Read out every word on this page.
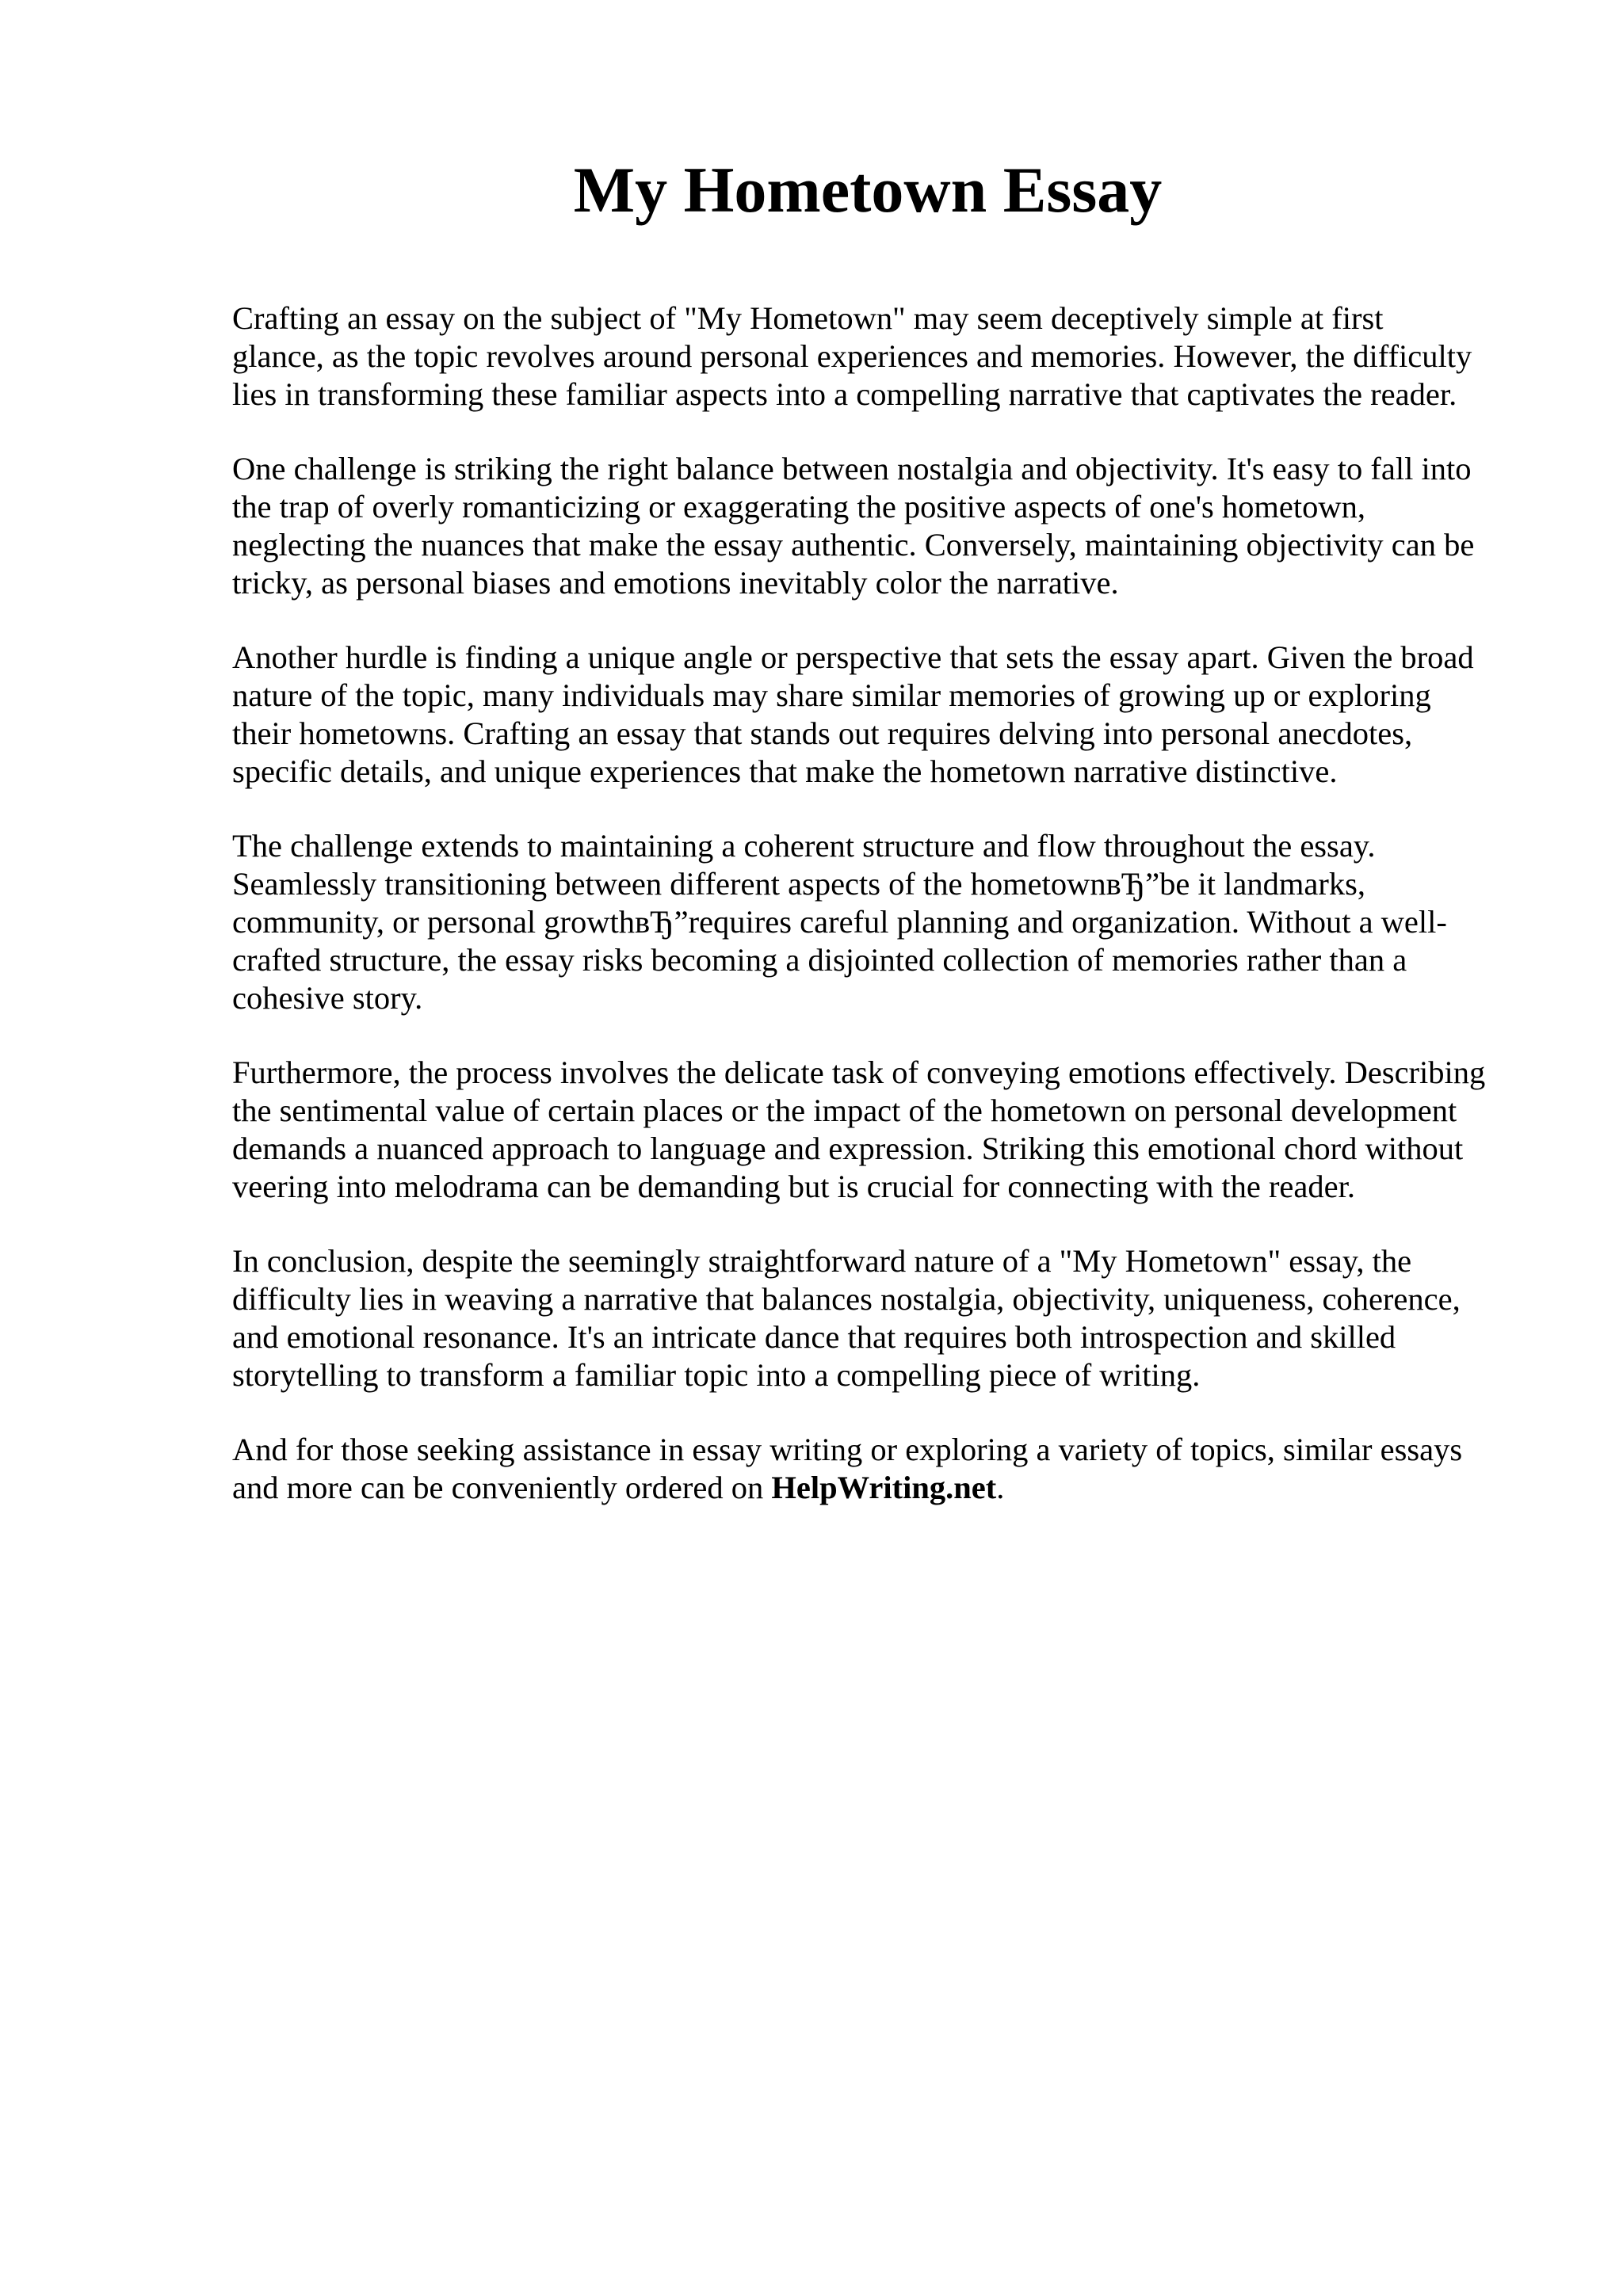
My Hometown Essay

Crafting an essay on the subject of "My Hometown" may seem deceptively simple at first
glance, as the topic revolves around personal experiences and memories. However, the difficulty
lies in transforming these familiar aspects into a compelling narrative that captivates the reader.

One challenge is striking the right balance between nostalgia and objectivity. It's easy to fall into
the trap of overly romanticizing or exaggerating the positive aspects of one's hometown,
neglecting the nuances that make the essay authentic. Conversely, maintaining objectivity can be
tricky, as personal biases and emotions inevitably color the narrative.

Another hurdle is finding a unique angle or perspective that sets the essay apart. Given the broad
nature of the topic, many individuals may share similar memories of growing up or exploring
their hometowns. Crafting an essay that stands out requires delving into personal anecdotes,
specific details, and unique experiences that make the hometown narrative distinctive.

The challenge extends to maintaining a coherent structure and flow throughout the essay.
Seamlessly transitioning between different aspects of the hometownвЂ”be it landmarks,
community, or personal growthвЂ”requires careful planning and organization. Without a well-
crafted structure, the essay risks becoming a disjointed collection of memories rather than a
cohesive story.

Furthermore, the process involves the delicate task of conveying emotions effectively. Describing
the sentimental value of certain places or the impact of the hometown on personal development
demands a nuanced approach to language and expression. Striking this emotional chord without
veering into melodrama can be demanding but is crucial for connecting with the reader.

In conclusion, despite the seemingly straightforward nature of a "My Hometown" essay, the
difficulty lies in weaving a narrative that balances nostalgia, objectivity, uniqueness, coherence,
and emotional resonance. It's an intricate dance that requires both introspection and skilled
storytelling to transform a familiar topic into a compelling piece of writing.

And for those seeking assistance in essay writing or exploring a variety of topics, similar essays
and more can be conveniently ordered on HelpWriting.net.
